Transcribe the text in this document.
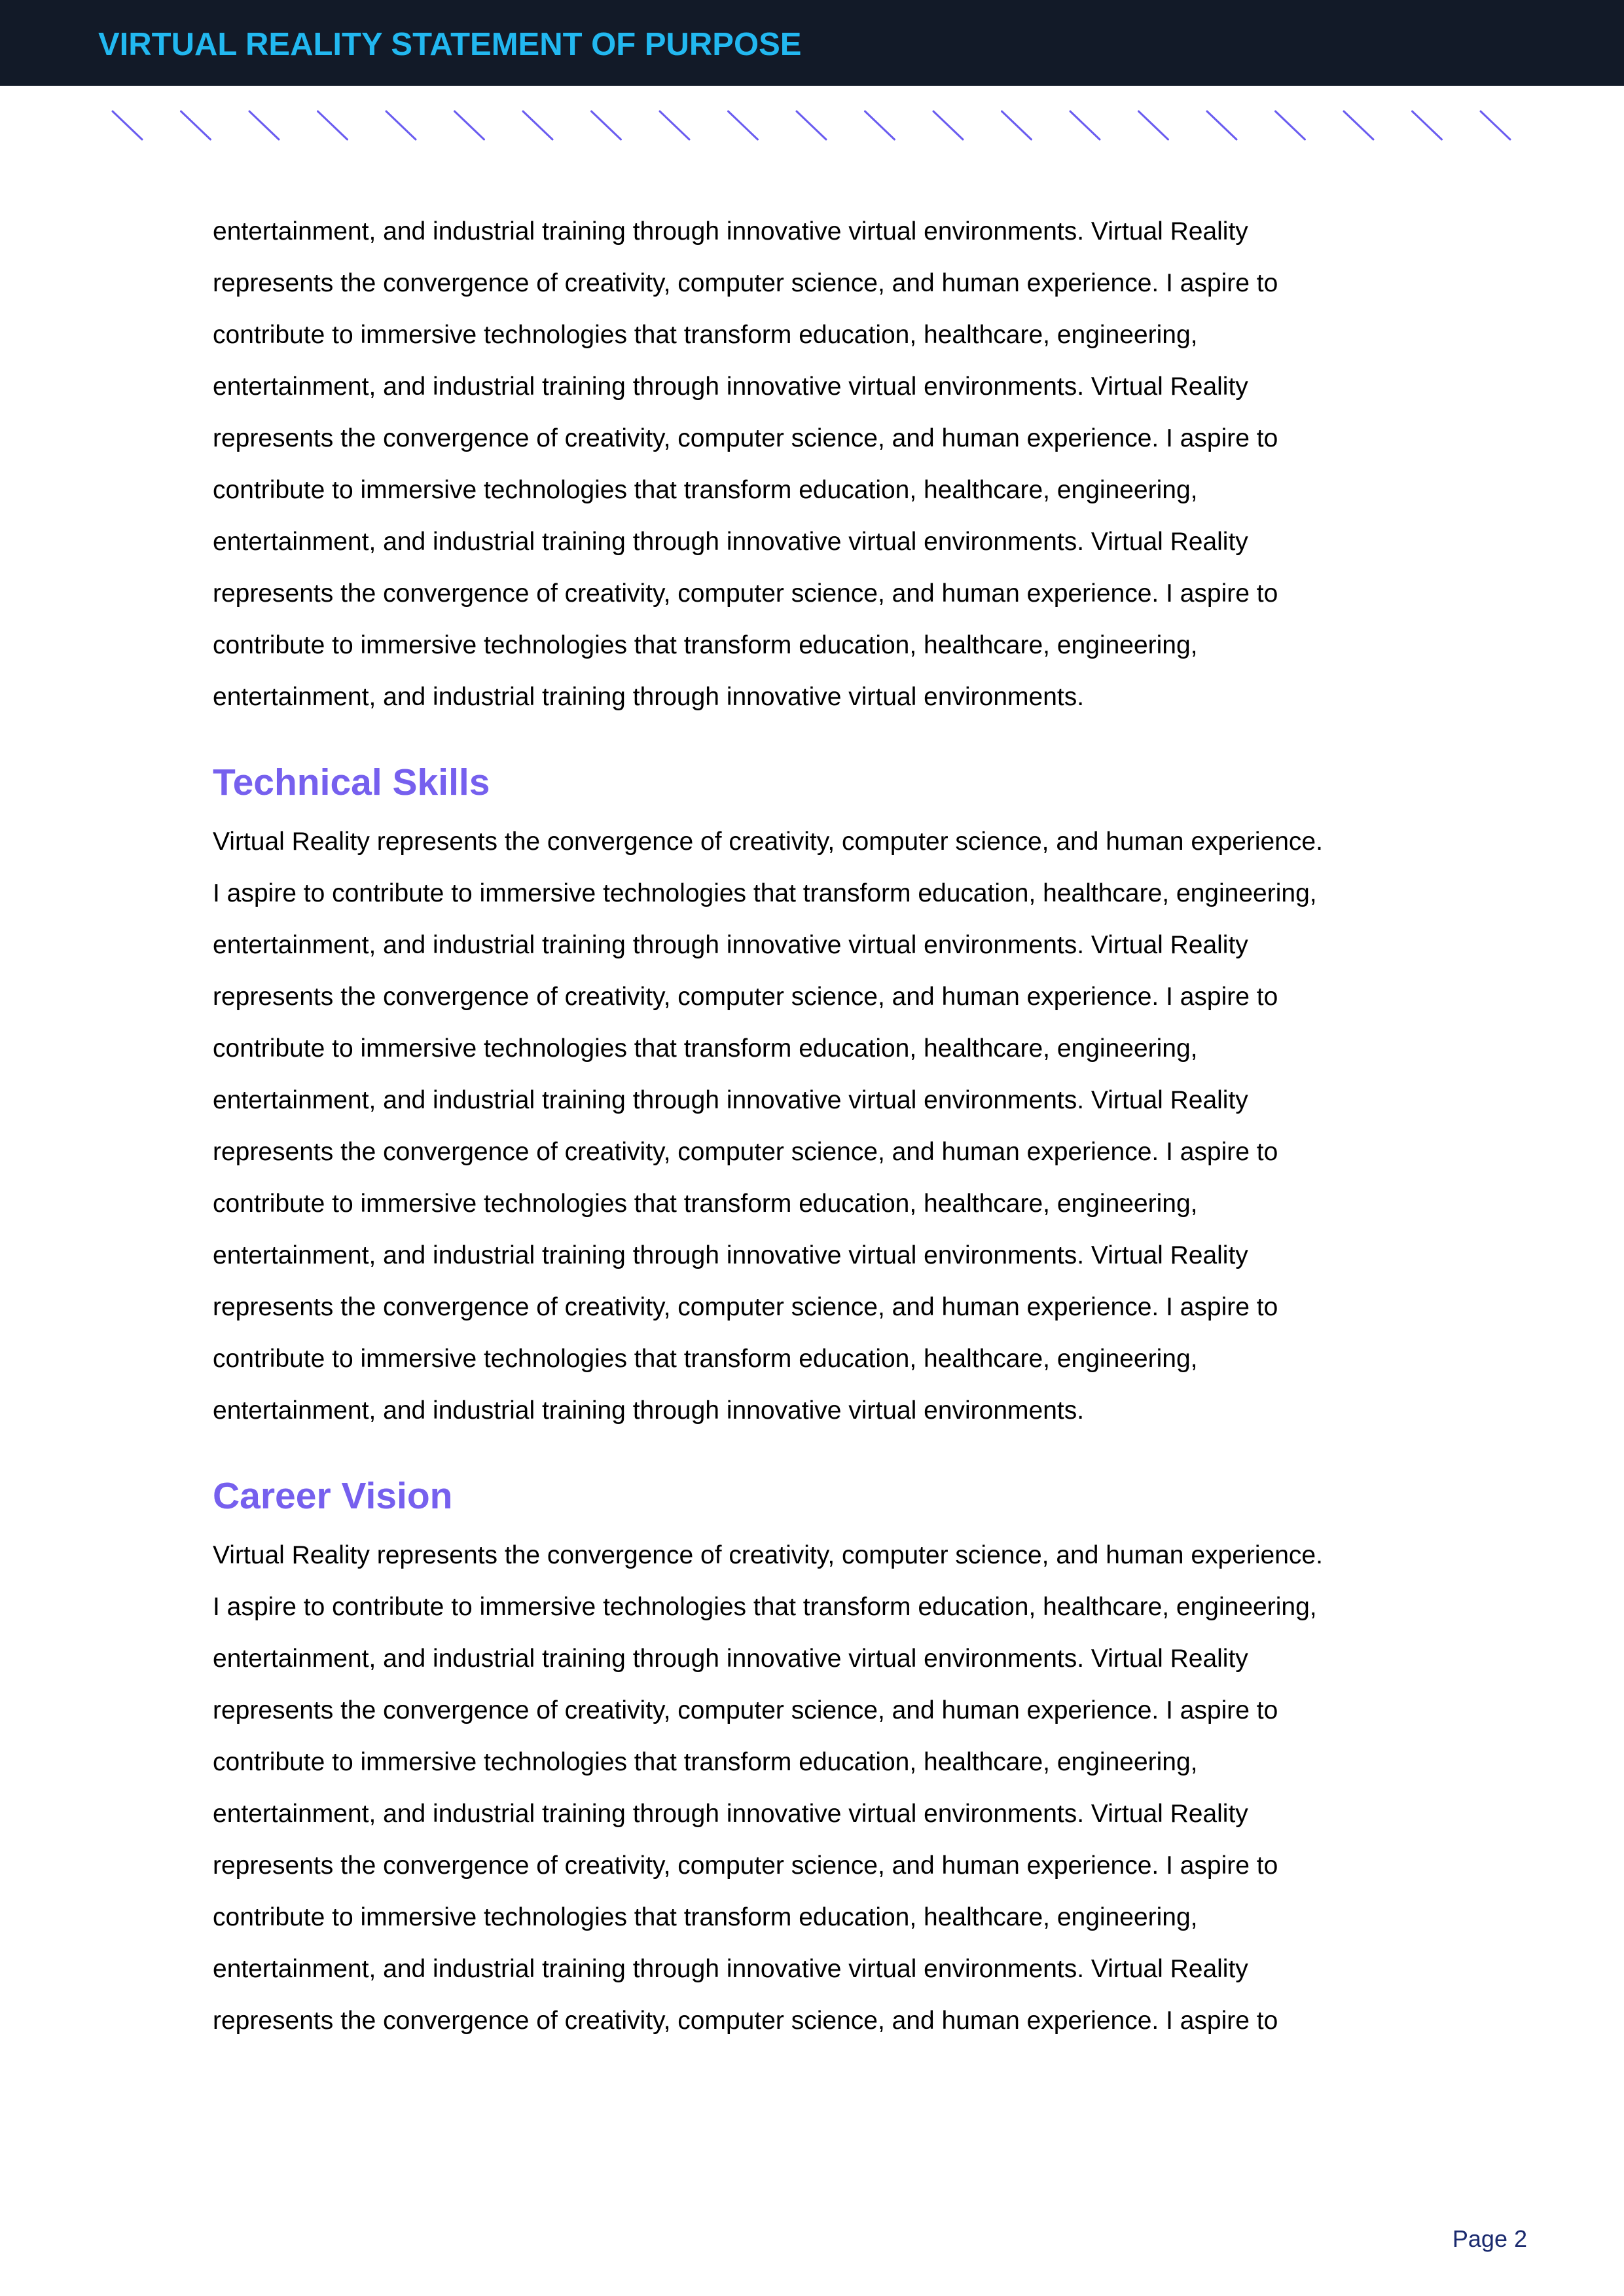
VIRTUAL REALITY STATEMENT OF PURPOSE
entertainment, and industrial training through innovative virtual environments. Virtual Reality
represents the convergence of creativity, computer science, and human experience. I aspire to
contribute to immersive technologies that transform education, healthcare, engineering,
entertainment, and industrial training through innovative virtual environments. Virtual Reality
represents the convergence of creativity, computer science, and human experience. I aspire to
contribute to immersive technologies that transform education, healthcare, engineering,
entertainment, and industrial training through innovative virtual environments. Virtual Reality
represents the convergence of creativity, computer science, and human experience. I aspire to
contribute to immersive technologies that transform education, healthcare, engineering,
entertainment, and industrial training through innovative virtual environments.
Technical Skills
Virtual Reality represents the convergence of creativity, computer science, and human experience.
I aspire to contribute to immersive technologies that transform education, healthcare, engineering,
entertainment, and industrial training through innovative virtual environments. Virtual Reality
represents the convergence of creativity, computer science, and human experience. I aspire to
contribute to immersive technologies that transform education, healthcare, engineering,
entertainment, and industrial training through innovative virtual environments. Virtual Reality
represents the convergence of creativity, computer science, and human experience. I aspire to
contribute to immersive technologies that transform education, healthcare, engineering,
entertainment, and industrial training through innovative virtual environments. Virtual Reality
represents the convergence of creativity, computer science, and human experience. I aspire to
contribute to immersive technologies that transform education, healthcare, engineering,
entertainment, and industrial training through innovative virtual environments.
Career Vision
Virtual Reality represents the convergence of creativity, computer science, and human experience.
I aspire to contribute to immersive technologies that transform education, healthcare, engineering,
entertainment, and industrial training through innovative virtual environments. Virtual Reality
represents the convergence of creativity, computer science, and human experience. I aspire to
contribute to immersive technologies that transform education, healthcare, engineering,
entertainment, and industrial training through innovative virtual environments. Virtual Reality
represents the convergence of creativity, computer science, and human experience. I aspire to
contribute to immersive technologies that transform education, healthcare, engineering,
entertainment, and industrial training through innovative virtual environments. Virtual Reality
represents the convergence of creativity, computer science, and human experience. I aspire to
Page 2
